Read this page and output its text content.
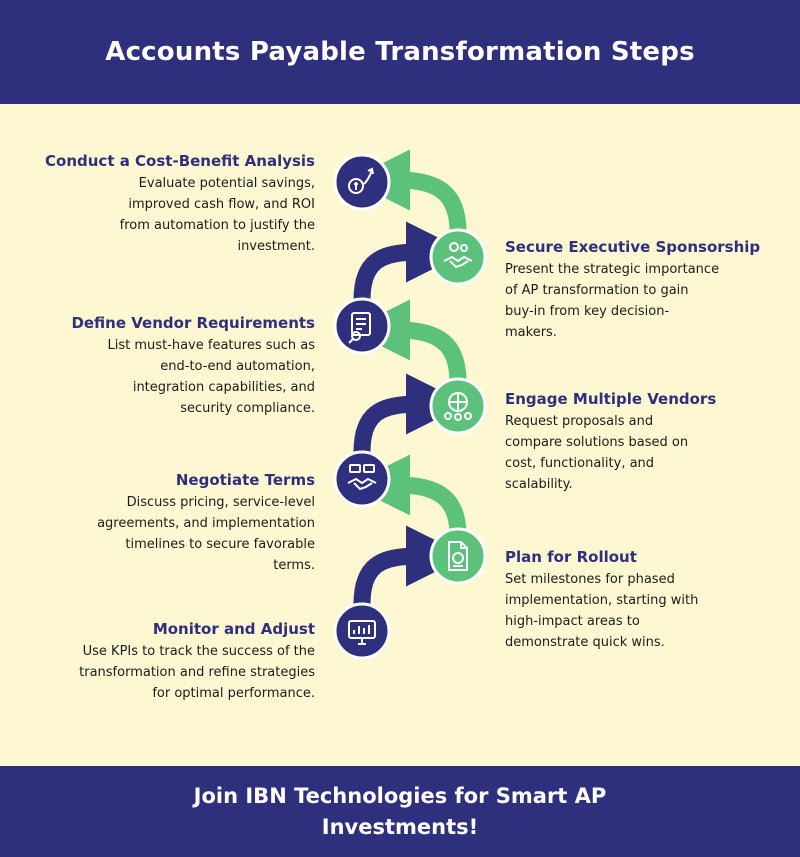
Accounts Payable Transformation Steps
Conduct a Cost-Benefit Analysis
Evaluate potential savings, improved cash flow, and ROI from automation to justify the investment.	Secure Executive Sponsorship
Present the strategic importance of AP transformation to gain buy-in from key decision-makers.
Define Vendor Requirements
List must-have features such as end-to-end automation, integration capabilities, and security compliance.
Engage Multiple Vendors
Request proposals and compare solutions based on cost, functionality, and scalability.
Negotiate Terms
Discuss pricing, service-level agreements, and implementation timelines to secure favorable terms.	Plan for Rollout
Set milestones for phased implementation, starting with high-impact areas to demonstrate quick wins.
Monitor and Adjust
Use KPIs to track the success of the transformation and refine strategies for optimal performance.

Join IBN Technologies for Smart AP Investments!
